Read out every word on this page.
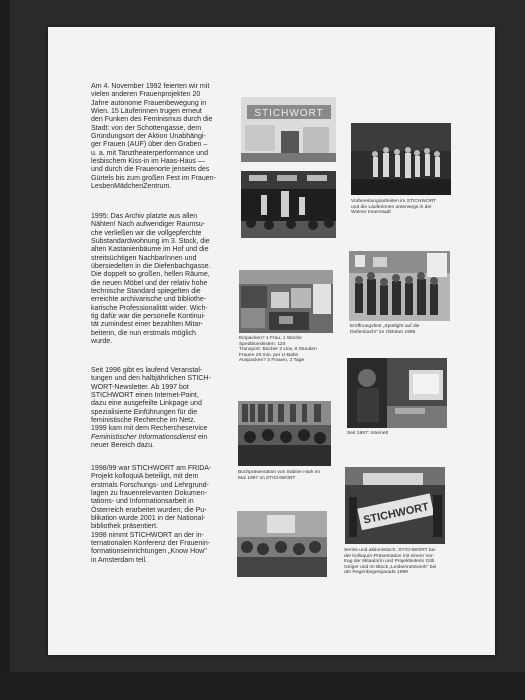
Am 4. November 1992 feierten wir mit
vielen anderen Frauenprojekten 20
Jahre autonome Frauenbewegung in
Wien. 15 Läuferinnen trugen erneut
den Funken des Feminismus durch die
Stadt: von der Schottengasse, dem
Gründungsort der Aktion Unabhängi-
ger Frauen (AUF) über den Graben –
u. a. mit Tanztheaterperformance und
lesbischem Kiss-in im Haas-Haus —
und durch die Frauenorte jenseits des
Gürtels bis zum großen Fest im Frauen-
LesbenMädchenZentrum.
1995: Das Archiv platzte aus allen
Nähten! Nach aufwendiger Raumsu-
che verließen wir die vollgepferchte
Substandardwohnung im 3. Stock, die
alten Kastanienbäume im Hof und die
streitsüchtigen NachbarInnen und
übersiedelten in die Diefenbachgasse.
Die doppelt so großen, hellen Räume,
die neuen Möbel und der relativ hohe
technische Standard spiegelten die
erreichte archivarische und bibliothe-
karische Professionalität wider. Wich-
tig dafür war die personelle Kontinui-
tät zumindest einer bezahlten Mitar-
beiterin, die nun erstmals möglich
wurde.
Seit 1996 gibt es laufend Veranstal-
tungen und den halbjährlichen STICH-
WORT-Newsletter. Ab 1997 bot
STICHWORT einen Internet-Point,
dazu eine ausgefeilte Linkpage und
spezialisierte Einführungen für die
feministische Recherche im Netz.
1999 kam mit dem Rechercheservice
Feministischer Informationsdienst ein
neuer Bereich dazu.
1998/99 war STICHWORT am FRIDA-
Projekt kolloquiA beteiligt, mit dem
erstmals Forschungs- und Lehrgrund-
lagen zu frauenrelevanten Dokumen-
tations- und Informationsarbeit in
Österreich erarbeitet wurden; die Pu-
blikation wurde 2001 in der National-
bibliothek präsentiert.
1998 nimmt STICHWORT an der in-
ternationalen Konferenz der Frauenin-
formationseinrichtungen „Know How"
in Amsterdam teil.
STICHWORT
Vorbereitungsarbeiten im STICHWORT
und die Läuferinnen unterwegs in der
Wiener Innenstadt
Einpacken? 1 Frau, 1 Woche
Speditionskisten: 124
Transport: Bücher 2 Lkw, 8 Stunden
Frauen 20 min. per U-Bahn
Auspacken? 3 Frauen, 2 Tage
Eröffnungsfest „Spotlight auf die
Diefenbach!" im Oktober 1995
Seit 1997: Internet!
Buchpräsentation von Sabine Hark im
Mai 1997 im STICHWORT
STICHWORT
Seriös und aktionistisch: STICHWORT bei
der kolloquiA-Präsentation mit einem Vor-
trag der Mitautorin und Projektleiterin Gitti
Geiger und im Block „Lesbennetzwerk" bei
der Regenbogenparade 1999
